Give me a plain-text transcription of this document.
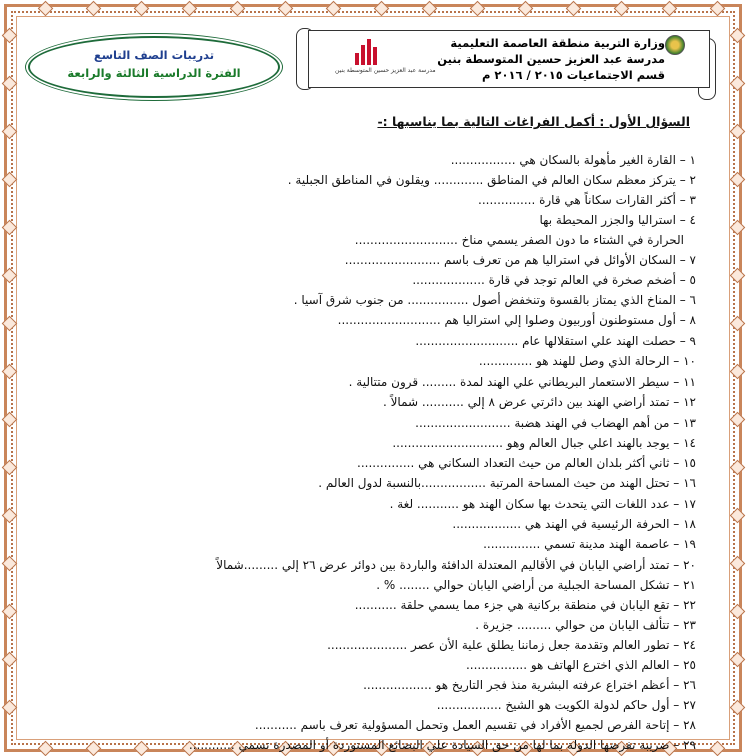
وزارة التربية منطقة العاصمة التعليمية
مدرسة عبد العزيز حسين المتوسطة بنين
قسم الاجتماعيات ٢٠١٥ / ٢٠١٦ م
مدرسة عبد العزيز حسين المتوسطة بنين
تدريبات الصف التاسع
الفترة الدراسية الثالثة والرابعة
السؤال الأول : أكمل الفراغات التالية بما يناسبها :-
١ – القارة الغير مأهولة بالسكان هي .................
٢ – يتركز معظم سكان العالم في المناطق ............. ويقلون في المناطق الجبلية .
٣ – أكثر القارات سكاناً هي قارة ...............
٤ – استراليا والجزر المحيطة بها
الحرارة في الشتاء ما دون الصفر يسمي مناخ ...........................
٧ – السكان الأوائل في استراليا هم من تعرف باسم .........................
٥ – أضخم صخرة في العالم توجد في قارة ...................
٦ – المناخ الذي يمتاز بالقسوة وتنخفض أصول ................ من جنوب شرق آسيا .
٨ – أول مستوطنون أوربيون وصلوا إلي استراليا هم ...........................
٩ – حصلت الهند علي استقلالها عام ...........................
١٠ – الرحالة الذي وصل للهند هو ..............
١١ – سيطر الاستعمار البريطاني علي الهند لمدة ......... قرون متتالية .
١٢ – تمتد أراضي الهند بين دائرتي عرض ٨ إلي ........... شمالاً .
١٣ – من أهم الهضاب في الهند هضبة .........................
١٤ – يوجد بالهند اعلي جبال العالم وهو .............................
١٥ – ثاني أكثر بلدان العالم من حيث التعداد السكاني هي ...............
١٦ – تحتل الهند من حيث المساحة المرتبة .................بالنسبة لدول العالم .
١٧ – عدد اللغات التي يتحدث بها سكان الهند هو ........... لغة .
١٨ – الحرفة الرئيسية في الهند هي ..................
١٩ – عاصمة الهند مدينة تسمي ...............
٢٠ – تمتد أراضي اليابان في الأقاليم المعتدلة الدافئة والباردة بين دوائر عرض ٢٦ إلي .........شمالاً
٢١ – تشكل المساحة الجبلية من أراضي اليابان حوالي ........ % .
٢٢ – تقع اليابان في منطقة بركانية هي جزء مما يسمي حلقة ...........
٢٣ – تتألف اليابان من حوالي ......... جزيرة .
٢٤ – تطور العالم وتقدمة جعل زماننا يطلق علية الأن عصر .....................
٢٥ – العالم الذي اخترع الهاتف هو ................
٢٦ – أعظم اختراع عرفته البشرية منذ فجر التاريخ هو ..................
٢٧ – أول حاكم لدولة الكويت هو الشيخ .................
٢٨ – إتاحة الفرص لجميع الأفراد في تقسيم العمل وتحمل المسؤولية تعرف باسم ...........
٢٩ – ضريبة تفرضها الدولة بما لها من حق السيادة علي البضائع المستوردة أو المصدرة تسمي ............
